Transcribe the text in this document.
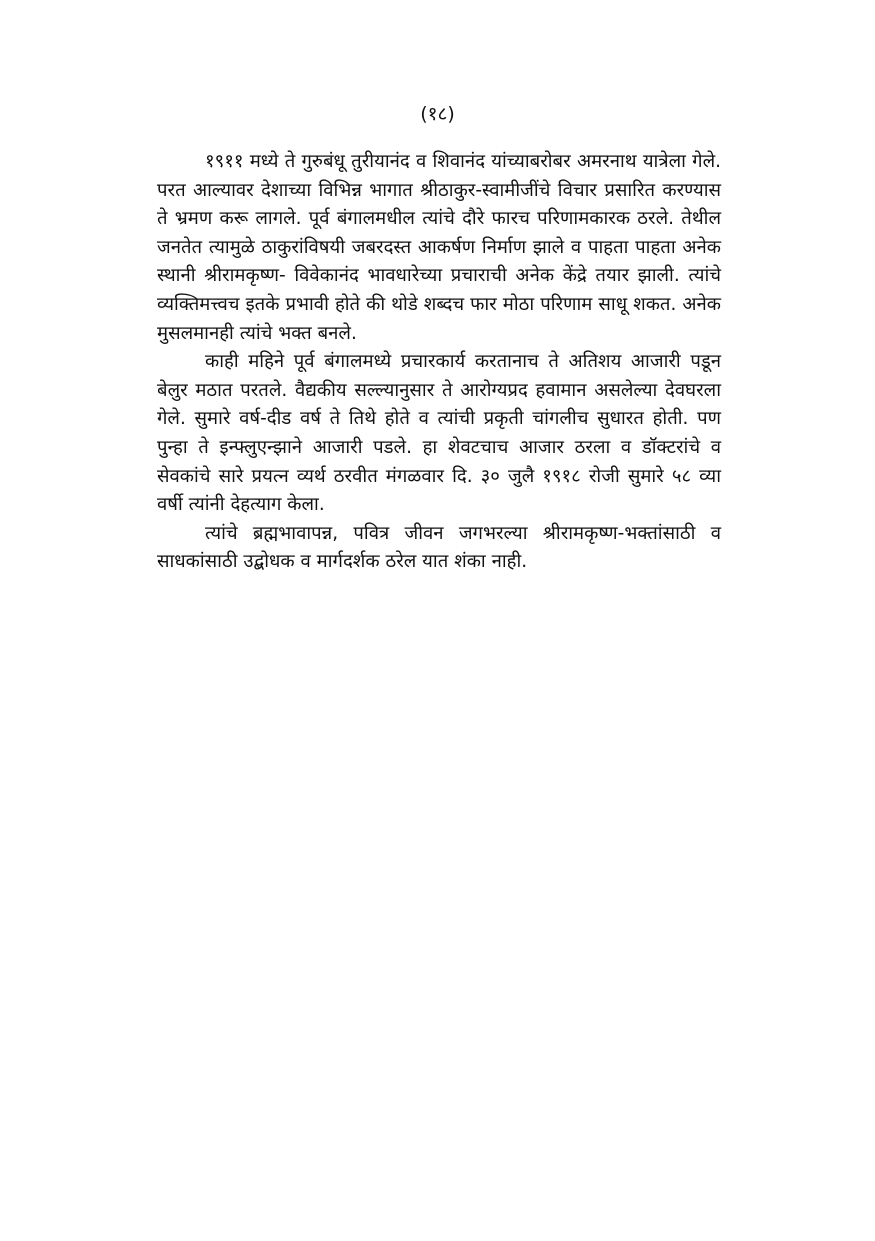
(१८)

१९११ मध्ये ते गुरुबंधू तुरीयानंद व शिवानंद यांच्याबरोबर अमरनाथ यात्रेला गेले. परत आल्यावर देशाच्या विभिन्न भागात श्रीठाकुर-स्वामीजींचे विचार प्रसारित करण्यास ते भ्रमण करू लागले. पूर्व बंगालमधील त्यांचे दौरे फारच परिणामकारक ठरले. तेथील जनतेत त्यामुळे ठाकुरांविषयी जबरदस्त आकर्षण निर्माण झाले व पाहता पाहता अनेक स्थानी श्रीरामकृष्ण- विवेकानंद भावधारेच्या प्रचाराची अनेक केंद्रे तयार झाली. त्यांचे व्यक्तिमत्त्वच इतके प्रभावी होते की थोडे शब्दच फार मोठा परिणाम साधू शकत. अनेक मुसलमानही त्यांचे भक्त बनले.

काही महिने पूर्व बंगालमध्ये प्रचारकार्य करतानाच ते अतिशय आजारी पडून बेलुर मठात परतले. वैद्यकीय सल्ल्यानुसार ते आरोग्यप्रद हवामान असलेल्या देवघरला गेले. सुमारे वर्ष-दीड वर्ष ते तिथे होते व त्यांची प्रकृती चांगलीच सुधारत होती. पण पुन्हा ते इन्फ्लुएन्झाने आजारी पडले. हा शेवटचाच आजार ठरला व डॉक्टरांचे व सेवकांचे सारे प्रयत्न व्यर्थ ठरवीत मंगळवार दि. ३० जुलै १९१८ रोजी सुमारे ५८ व्या वर्षी त्यांनी देहत्याग केला.

त्यांचे ब्रह्मभावापन्न, पवित्र जीवन जगभरल्या श्रीरामकृष्ण-भक्तांसाठी व साधकांसाठी उद्बोधक व मार्गदर्शक ठरेल यात शंका नाही.
